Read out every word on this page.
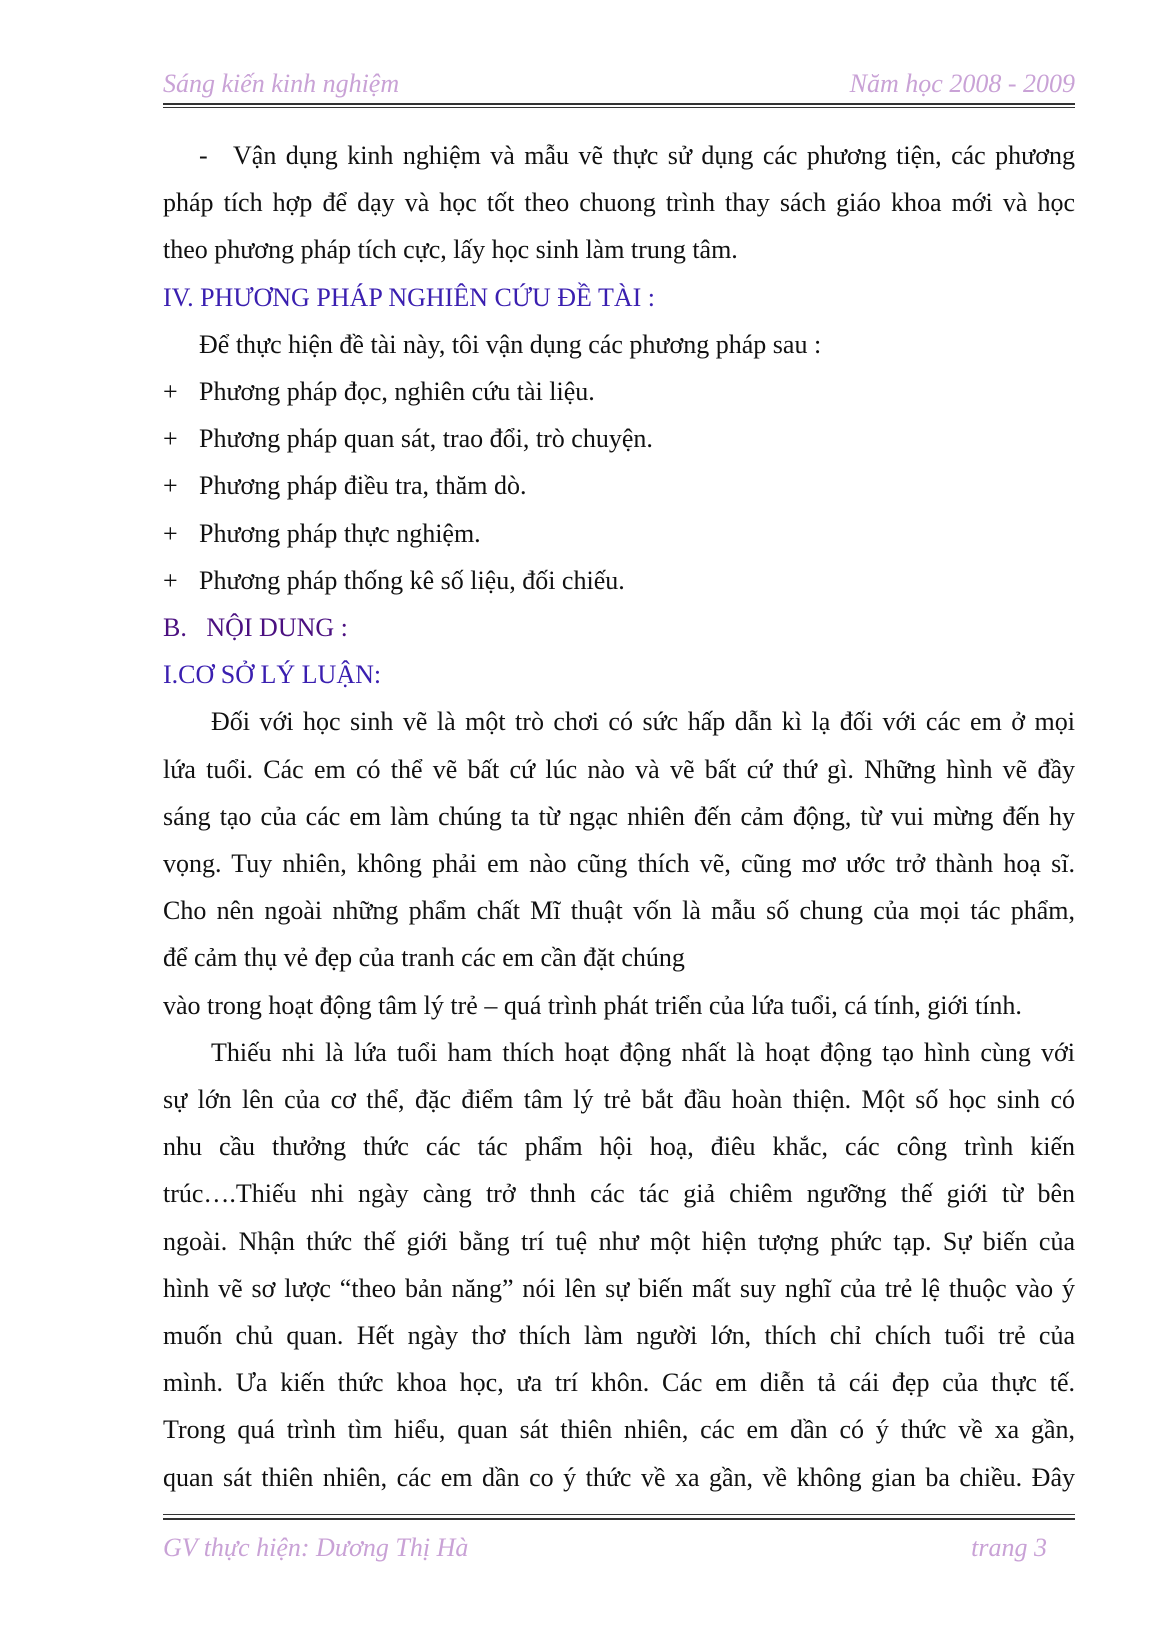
Sáng kiến kinh nghiệm	Năm học 2008 - 2009

- Vận dụng kinh nghiệm và mẫu vẽ thực sử dụng các phương tiện, các phương

pháp tích hợp để dạy và học tốt theo chuong trình thay sách giáo khoa mới và học

theo phương pháp tích cực, lấy học sinh làm trung tâm.

IV. PHƯƠNG PHÁP NGHIÊN CỨU ĐỀ TÀI :

Để thực hiện đề tài này, tôi vận dụng các phương pháp sau :

+ Phương pháp đọc, nghiên cứu tài liệu.

+ Phương pháp quan sát, trao đổi, trò chuyện.

+ Phương pháp điều tra, thăm dò.

+ Phương pháp thực nghiệm.

+ Phương pháp thống kê số liệu, đối chiếu.

B.   NỘI DUNG :

I.CƠ SỞ LÝ LUẬN:

Đối với học sinh vẽ là một trò chơi có sức hấp dẫn kì lạ đối với các em ở mọi

lứa tuổi. Các em có thể vẽ bất cứ lúc nào và vẽ bất cứ thứ gì. Những hình vẽ đầy

sáng tạo của các em làm chúng ta từ ngạc nhiên đến cảm động, từ vui mừng đến hy

vọng. Tuy nhiên, không phải em nào cũng thích vẽ, cũng mơ ước trở thành hoạ sĩ.

Cho nên ngoài những phẩm chất Mĩ thuật vốn là mẫu số chung của mọi tác phẩm,

để cảm thụ vẻ đẹp của tranh các em cần đặt chúng

vào trong hoạt động tâm lý trẻ – quá trình phát triển của lứa tuổi, cá tính, giới tính.

Thiếu nhi là lứa tuổi ham thích hoạt động nhất là hoạt động tạo hình cùng với

sự lớn lên của cơ thể, đặc điểm tâm lý trẻ bắt đầu hoàn thiện. Một số học sinh có

nhu cầu thưởng thức các tác phẩm hội hoạ, điêu khắc, các công trình kiến

trúc….Thiếu nhi ngày càng trở thnh các tác giả chiêm ngưỡng thế giới từ bên

ngoài. Nhận thức thế giới bằng trí tuệ như một hiện tượng phức tạp. Sự biến của

hình vẽ sơ lược “theo bản năng” nói lên sự biến mất suy nghĩ của trẻ lệ thuộc vào ý

muốn chủ quan. Hết ngày thơ thích làm người lớn, thích chỉ chích tuổi trẻ của

mình. Ưa kiến thức khoa học, ưa trí khôn. Các em diễn tả cái đẹp của thực tế.

Trong quá trình tìm hiểu, quan sát thiên nhiên, các em dần có ý thức về xa gần,

quan sát thiên nhiên, các em dần co ý thức về xa gần, về không gian ba chiều. Đây

GV thực hiện: Dương Thị Hà	trang 3
